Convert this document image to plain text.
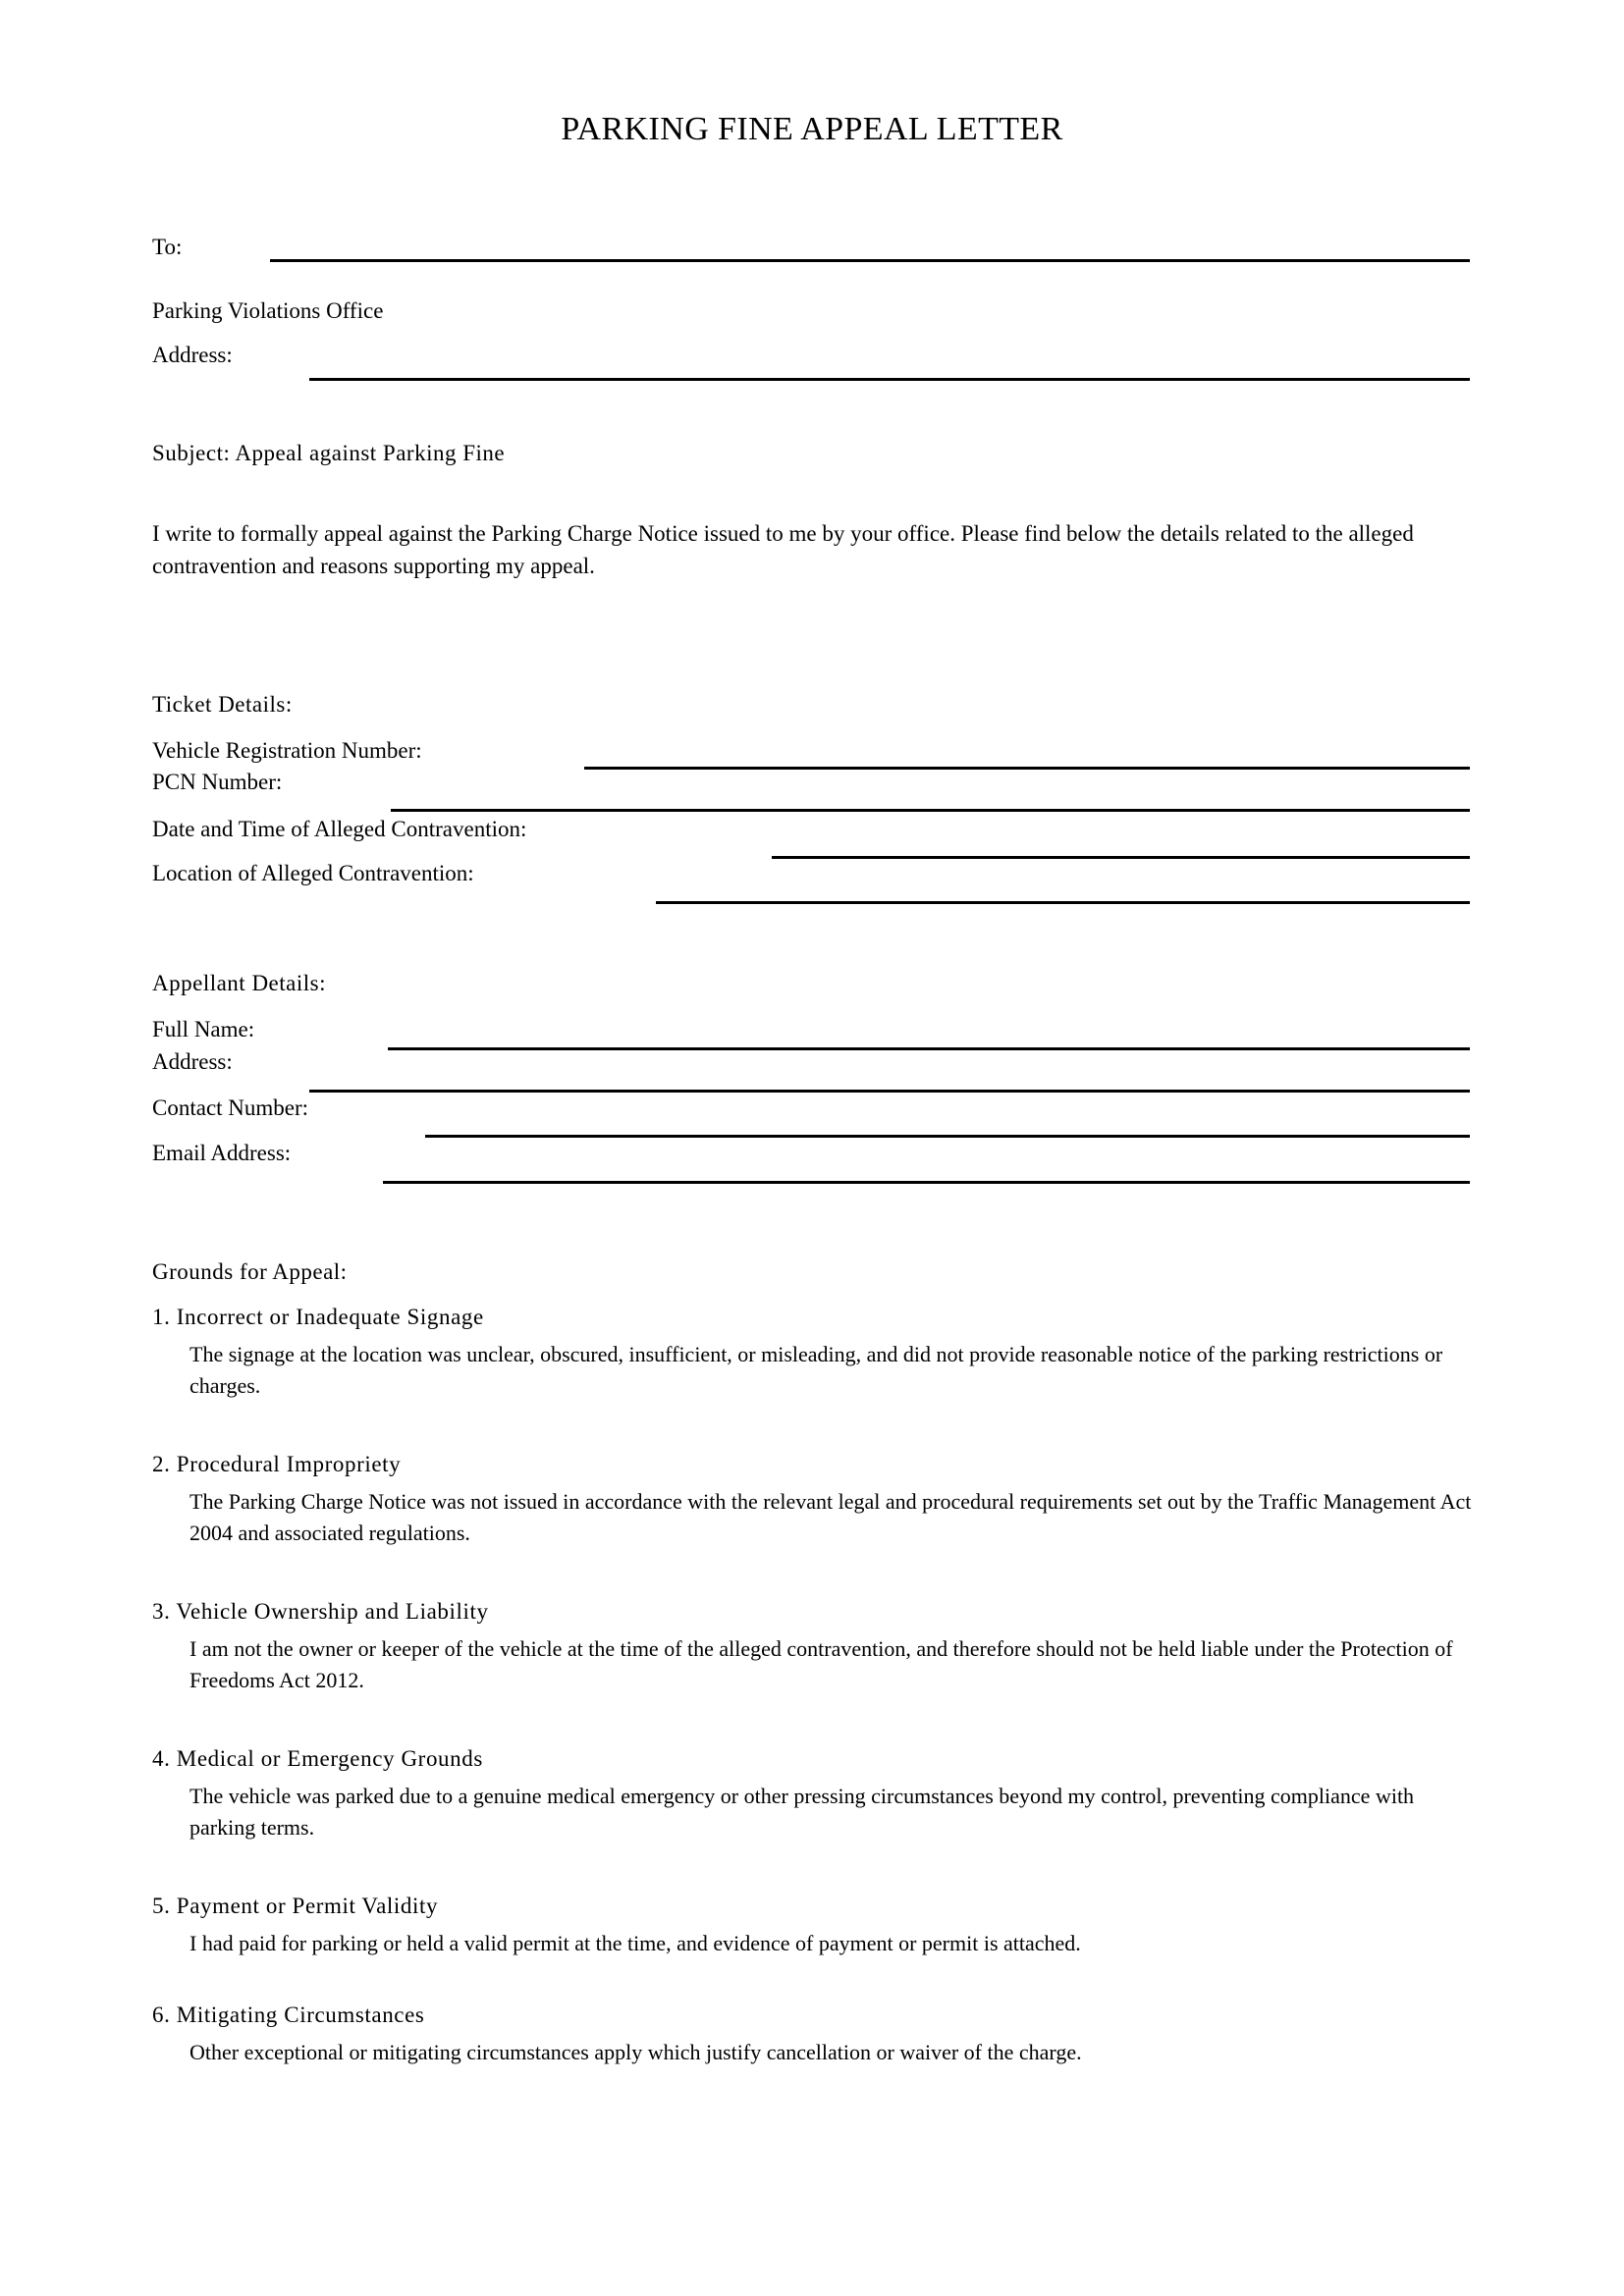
PARKING FINE APPEAL LETTER
To:
Parking Violations Office
Address:
Subject: Appeal against Parking Fine
I write to formally appeal against the Parking Charge Notice issued to me by your office. Please find below the details related to the alleged contravention and reasons supporting my appeal.
Ticket Details:
Vehicle Registration Number:
PCN Number:
Date and Time of Alleged Contravention:
Location of Alleged Contravention:
Appellant Details:
Full Name:
Address:
Contact Number:
Email Address:
Grounds for Appeal:
1. Incorrect or Inadequate Signage
The signage at the location was unclear, obscured, insufficient, or misleading, and did not provide reasonable notice of the parking restrictions or charges.
2. Procedural Impropriety
The Parking Charge Notice was not issued in accordance with the relevant legal and procedural requirements set out by the Traffic Management Act 2004 and associated regulations.
3. Vehicle Ownership and Liability
I am not the owner or keeper of the vehicle at the time of the alleged contravention, and therefore should not be held liable under the Protection of Freedoms Act 2012.
4. Medical or Emergency Grounds
The vehicle was parked due to a genuine medical emergency or other pressing circumstances beyond my control, preventing compliance with parking terms.
5. Payment or Permit Validity
I had paid for parking or held a valid permit at the time, and evidence of payment or permit is attached.
6. Mitigating Circumstances
Other exceptional or mitigating circumstances apply which justify cancellation or waiver of the charge.
